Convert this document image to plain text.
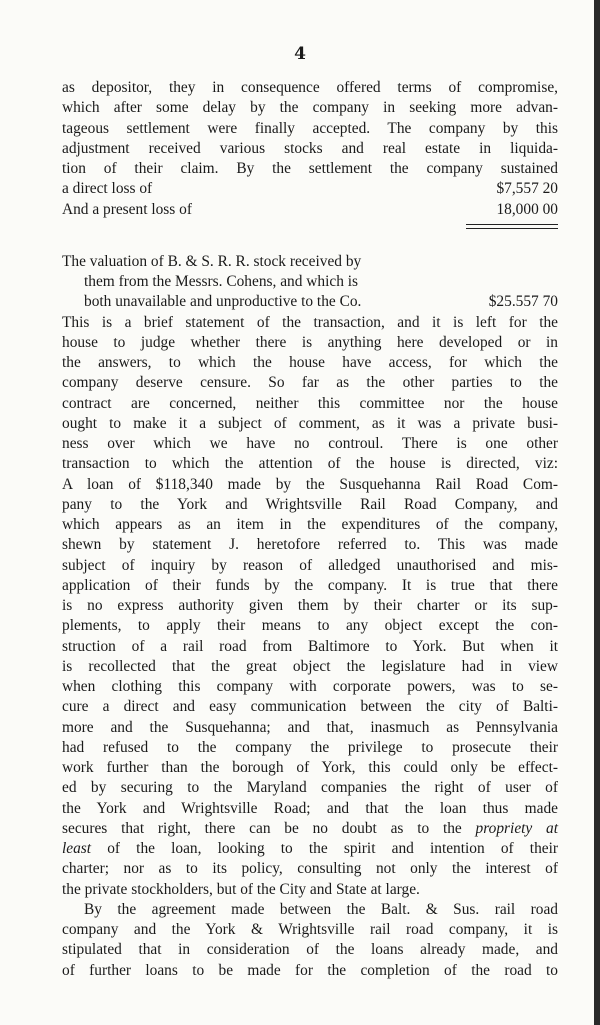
4
as depositor, they in consequence offered terms of compromise,
which after some delay by the company in seeking more advan-
tageous settlement were finally accepted. The company by this
adjustment received various stocks and real estate in liquida-
tion of their claim. By the settlement the company sustained
a direct loss of	$7,557 20
And a present loss of	18,000 00
The valuation of B. & S. R. R. stock received by
them from the Messrs. Cohens, and which is
both unavailable and unproductive to the Co.	$25.557 70
This is a brief statement of the transaction, and it is left for the
house to judge whether there is anything here developed or in
the answers, to which the house have access, for which the
company deserve censure. So far as the other parties to the
contract are concerned, neither this committee nor the house
ought to make it a subject of comment, as it was a private busi-
ness over which we have no controul. There is one other
transaction to which the attention of the house is directed, viz:
A loan of $118,340 made by the Susquehanna Rail Road Com-
pany to the York and Wrightsville Rail Road Company, and
which appears as an item in the expenditures of the company,
shewn by statement J. heretofore referred to. This was made
subject of inquiry by reason of alledged unauthorised and mis-
application of their funds by the company. It is true that there
is no express authority given them by their charter or its sup-
plements, to apply their means to any object except the con-
struction of a rail road from Baltimore to York. But when it
is recollected that the great object the legislature had in view
when clothing this company with corporate powers, was to se-
cure a direct and easy communication between the city of Balti-
more and the Susquehanna; and that, inasmuch as Pennsylvania
had refused to the company the privilege to prosecute their
work further than the borough of York, this could only be effect-
ed by securing to the Maryland companies the right of user of
the York and Wrightsville Road; and that the loan thus made
secures that right, there can be no doubt as to the propriety at
least of the loan, looking to the spirit and intention of their
charter; nor as to its policy, consulting not only the interest of
the private stockholders, but of the City and State at large.
By the agreement made between the Balt. & Sus. rail road
company and the York & Wrightsville rail road company, it is
stipulated that in consideration of the loans already made, and
of further loans to be made for the completion of the road to
